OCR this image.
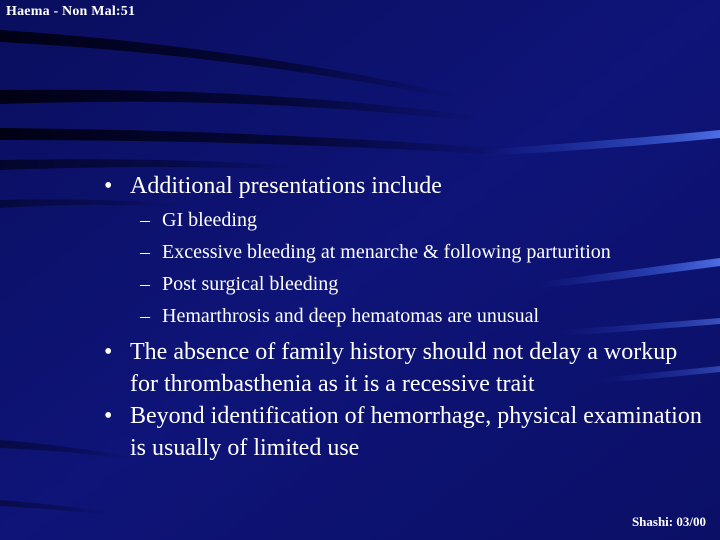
Haema - Non Mal:51
• Additional presentations include
– GI bleeding
– Excessive bleeding at menarche & following parturition
– Post surgical bleeding
– Hemarthrosis and deep hematomas are unusual
• The absence of family history should not delay a workup for thrombasthenia as it is a recessive trait
• Beyond identification of hemorrhage, physical examination is usually of limited use
Shashi: 03/00
